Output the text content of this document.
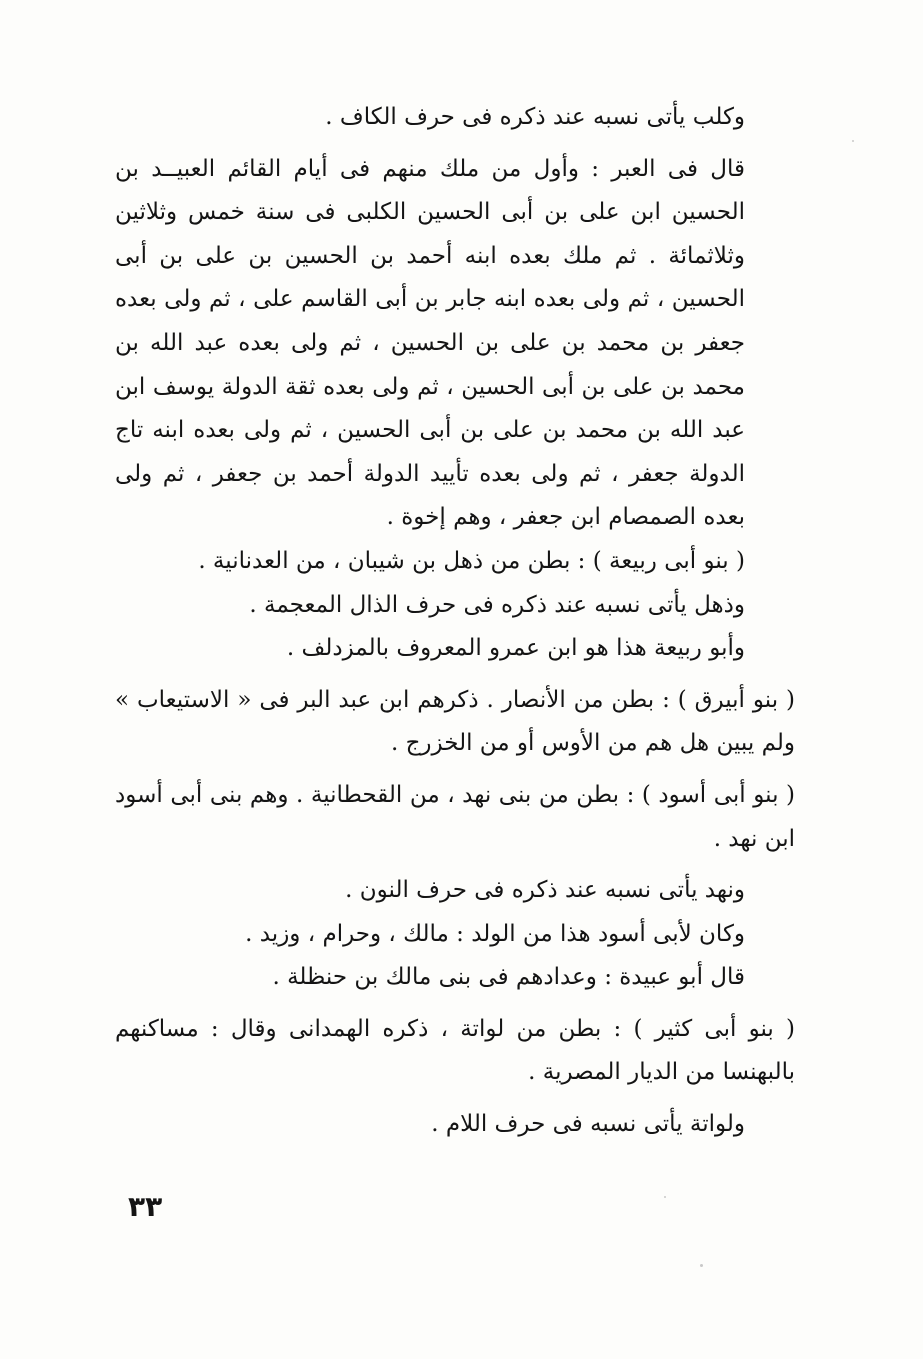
وكلب يأتى نسبه عند ذكره فى حرف الكاف .

قال فى العبر : وأول من ملك منهم فى أيام القائم العبيــد بن الحسين ابن على بن أبى الحسين الكلبى فى سنة خمس وثلاثين وثلاثمائة . ثم ملك بعده ابنه أحمد بن الحسين بن على بن أبى الحسين ، ثم ولى بعده ابنه جابر بن أبى القاسم على ، ثم ولى بعده جعفر بن محمد بن على بن الحسين ، ثم ولى بعده عبد الله بن محمد بن على بن أبى الحسين ، ثم ولى بعده ثقة الدولة يوسف ابن عبد الله بن محمد بن على بن أبى الحسين ، ثم ولى بعده ابنه تاج الدولة جعفر ، ثم ولى بعده تأييد الدولة أحمد بن جعفر ، ثم ولى بعده الصمصام ابن جعفر ، وهم إخوة .

( بنو أبى ربيعة ) : بطن من ذهل بن شيبان ، من العدنانية .

وذهل يأتى نسبه عند ذكره فى حرف الذال المعجمة .

وأبو ربيعة هذا هو ابن عمرو المعروف بالمزدلف .

( بنو أبيرق ) : بطن من الأنصار . ذكرهم ابن عبد البر فى « الاستيعاب » ولم يبين هل هم من الأوس أو من الخزرج .

( بنو أبى أسود ) : بطن من بنى نهد ، من القحطانية . وهم بنى أبى أسود ابن نهد .

ونهد يأتى نسبه عند ذكره فى حرف النون .

وكان لأبى أسود هذا من الولد : مالك ، وحرام ، وزيد .

قال أبو عبيدة : وعدادهم فى بنى مالك بن حنظلة .

( بنو أبى كثير ) : بطن من لواتة ، ذكره الهمدانى وقال : مساكنهم بالبهنسا من الديار المصرية .

ولواتة يأتى نسبه فى حرف اللام .

٣٣
